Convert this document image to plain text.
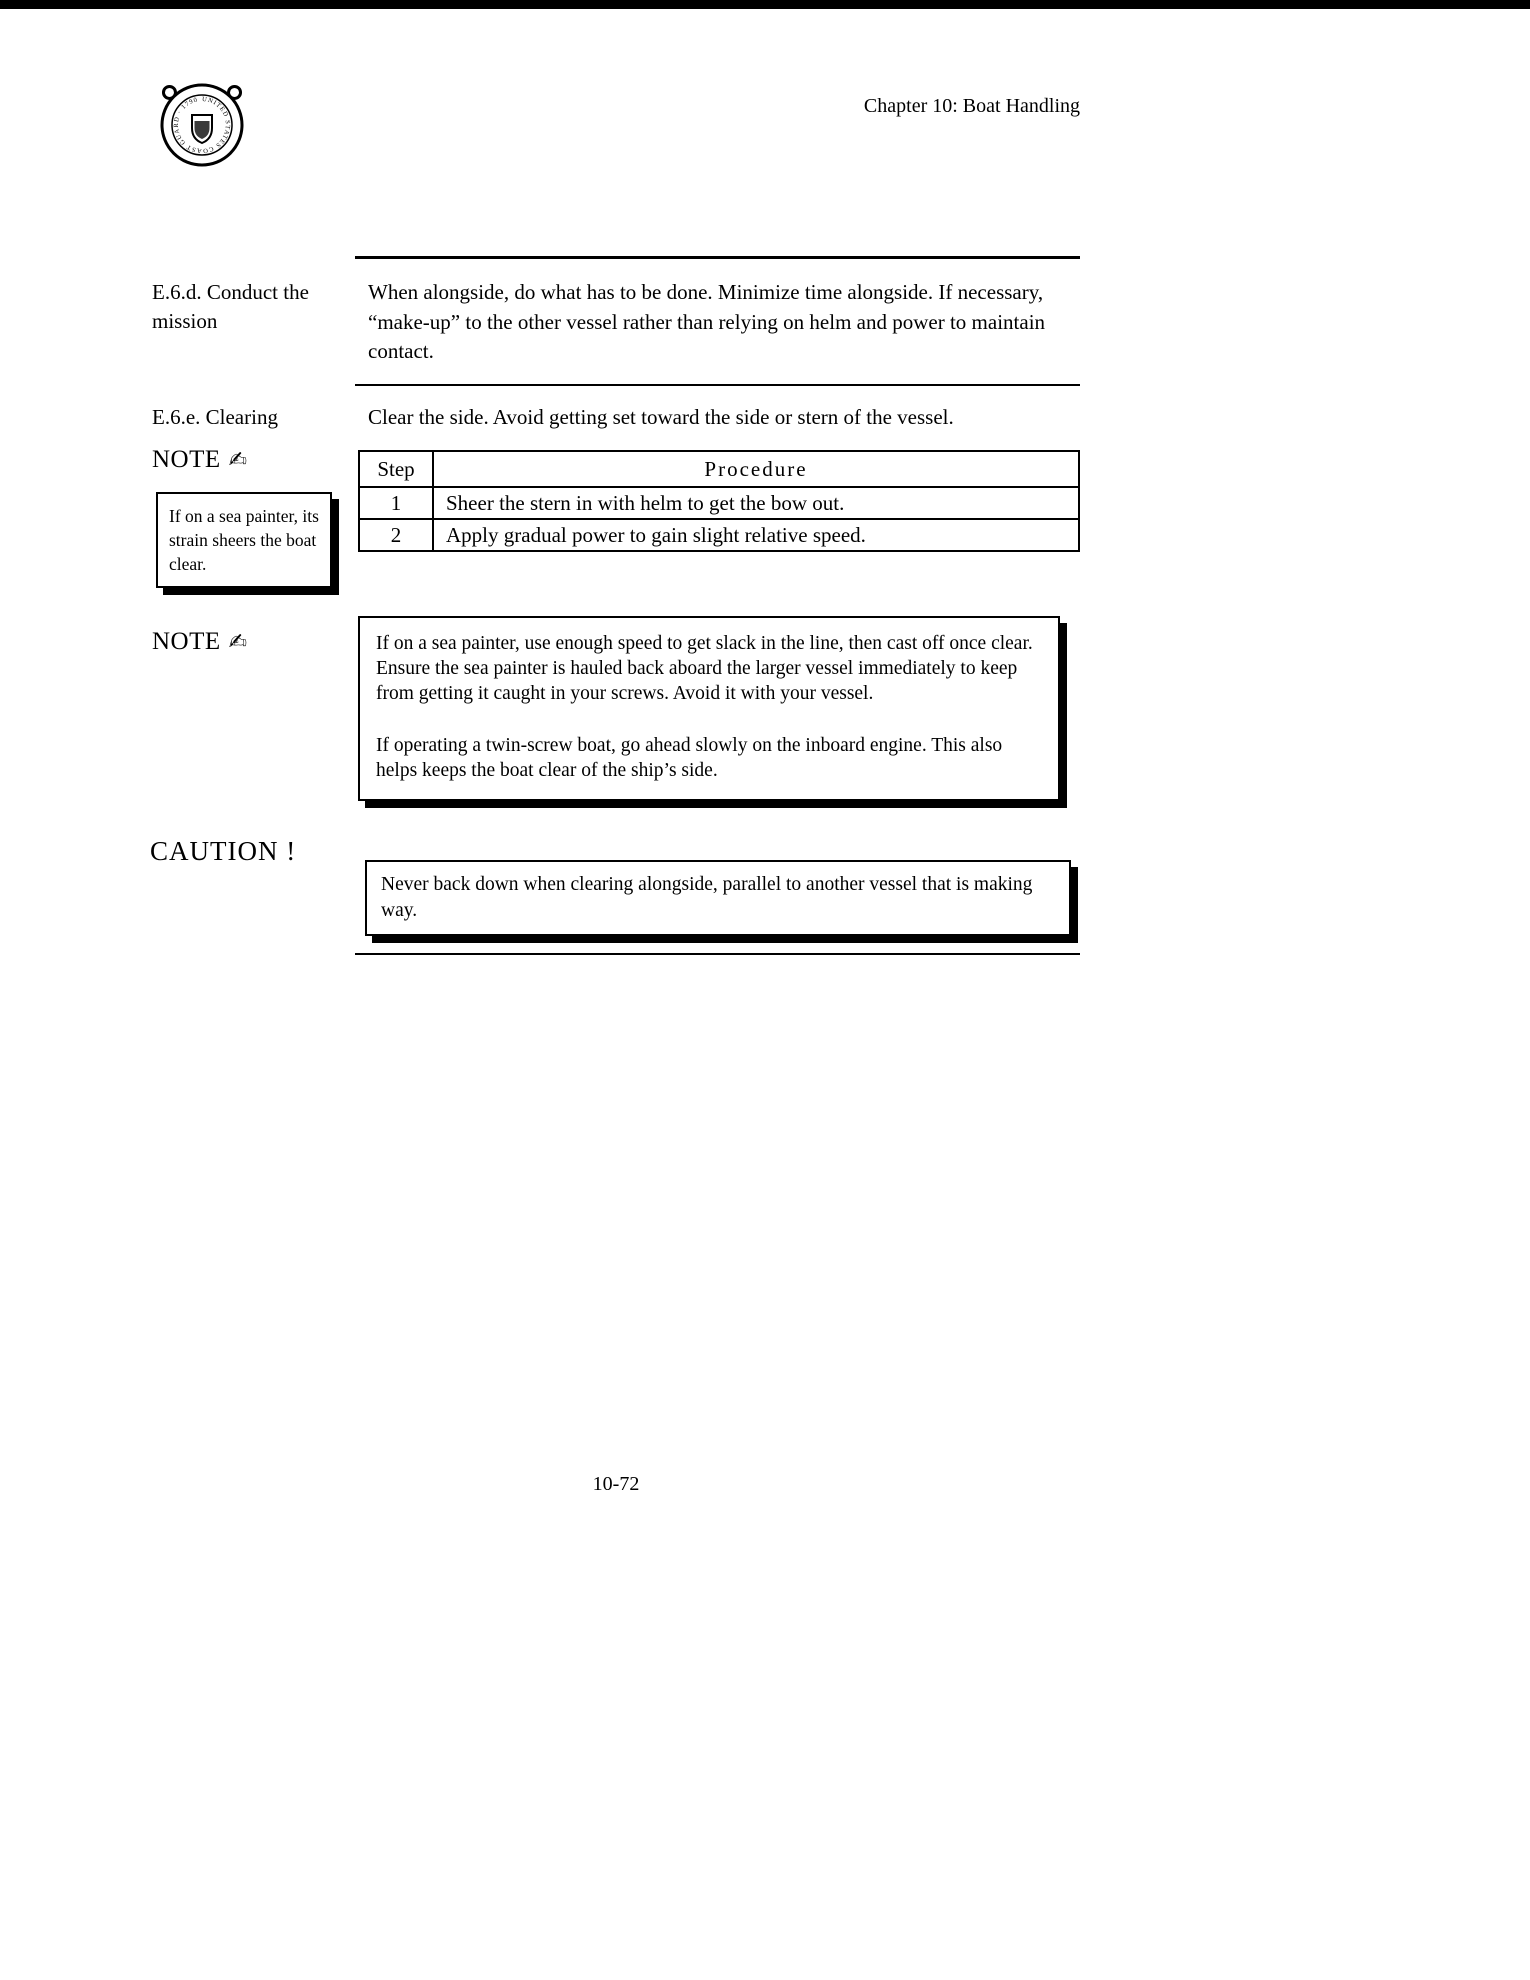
UNITED STATES COAST GUARD · 1790	Chapter 10: Boat Handling
E.6.d. Conduct the mission
When alongside, do what has to be done. Minimize time alongside. If necessary, “make-up” to the other vessel rather than relying on helm and power to maintain contact.
E.6.e. Clearing	Clear the side. Avoid getting set toward the side or stern of the vessel.
NOTE ✍
If on a sea painter, its strain sheers the boat clear.
Step	Procedure
1	Sheer the stern in with helm to get the bow out.
2	Apply gradual power to gain slight relative speed.
NOTE ✍	If on a sea painter, use enough speed to get slack in the line, then cast off once clear. Ensure the sea painter is hauled back aboard the larger vessel immediately to keep from getting it caught in your screws. Avoid it with your vessel.

If operating a twin-screw boat, go ahead slowly on the inboard engine. This also helps keeps the boat clear of the ship’s side.

CAUTION !
Never back down when clearing alongside, parallel to another vessel that is making way.
10-72
